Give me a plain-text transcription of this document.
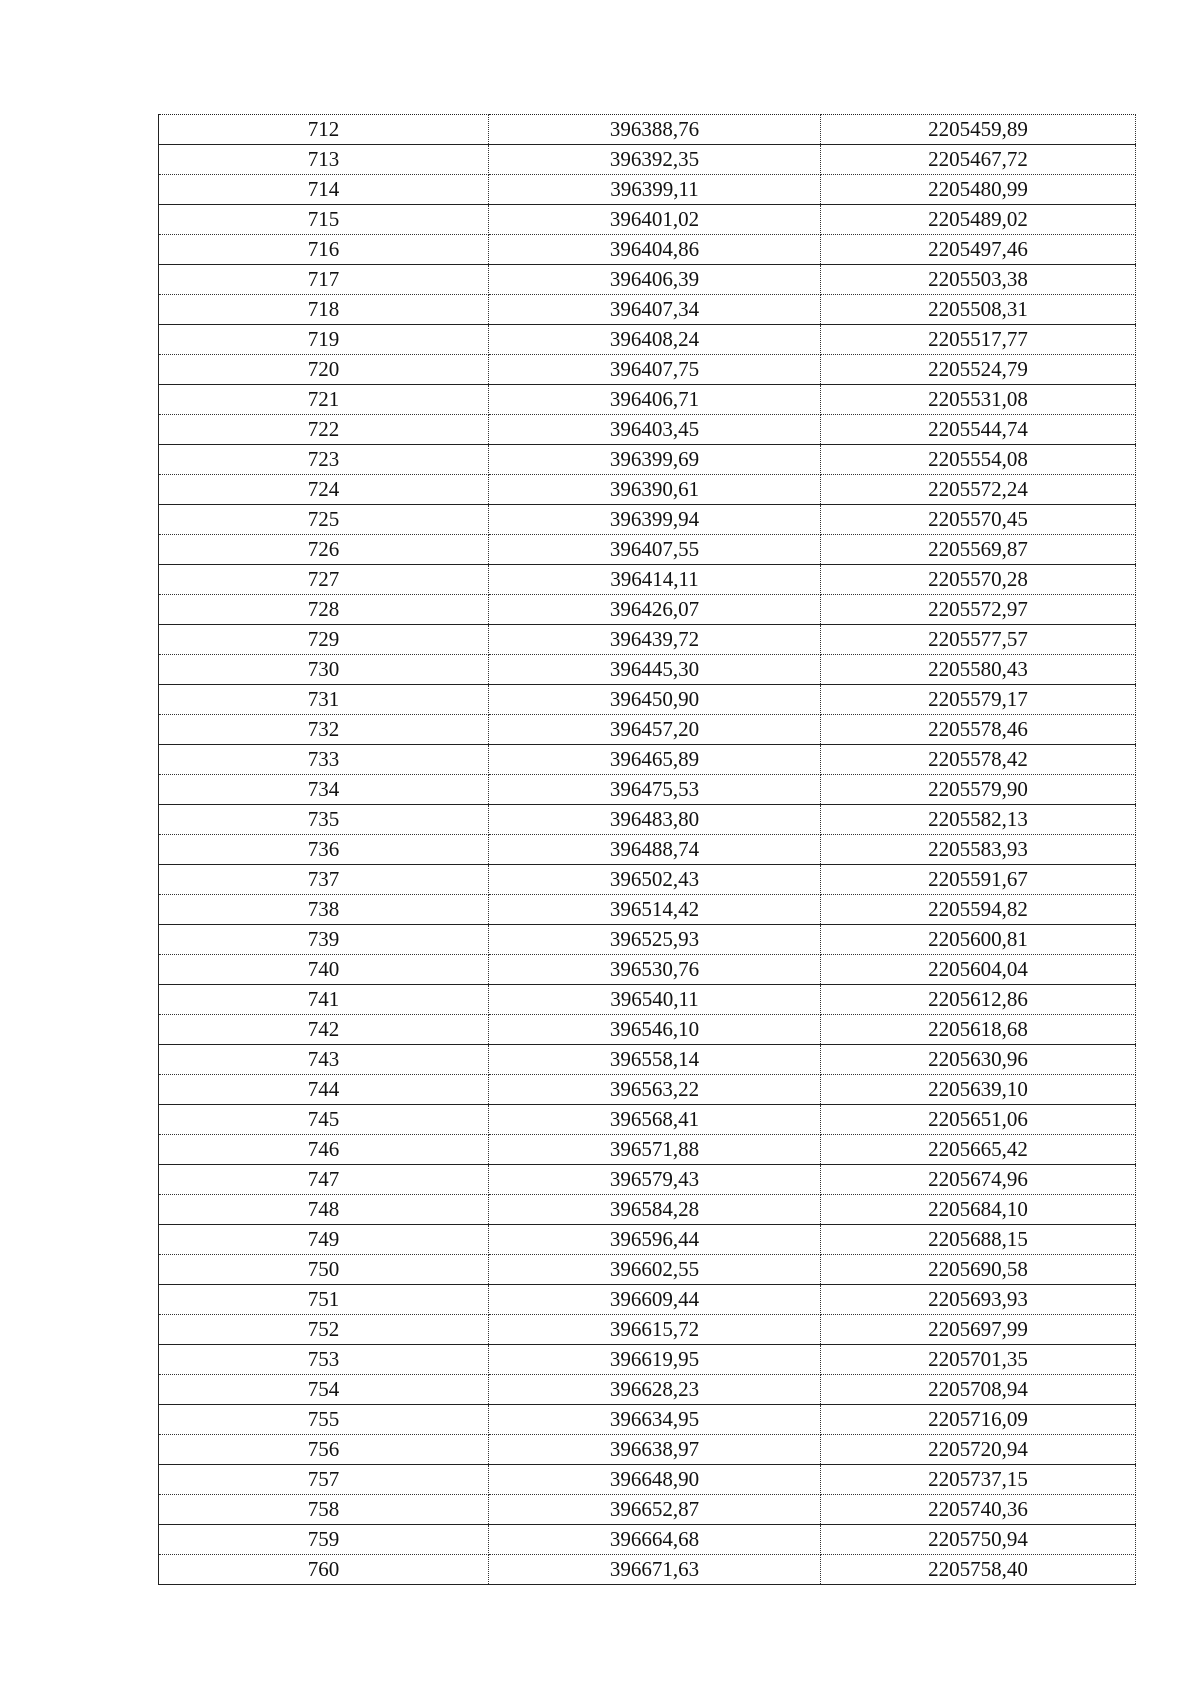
712	396388,76	2205459,89
713	396392,35	2205467,72
714	396399,11	2205480,99
715	396401,02	2205489,02
716	396404,86	2205497,46
717	396406,39	2205503,38
718	396407,34	2205508,31
719	396408,24	2205517,77
720	396407,75	2205524,79
721	396406,71	2205531,08
722	396403,45	2205544,74
723	396399,69	2205554,08
724	396390,61	2205572,24
725	396399,94	2205570,45
726	396407,55	2205569,87
727	396414,11	2205570,28
728	396426,07	2205572,97
729	396439,72	2205577,57
730	396445,30	2205580,43
731	396450,90	2205579,17
732	396457,20	2205578,46
733	396465,89	2205578,42
734	396475,53	2205579,90
735	396483,80	2205582,13
736	396488,74	2205583,93
737	396502,43	2205591,67
738	396514,42	2205594,82
739	396525,93	2205600,81
740	396530,76	2205604,04
741	396540,11	2205612,86
742	396546,10	2205618,68
743	396558,14	2205630,96
744	396563,22	2205639,10
745	396568,41	2205651,06
746	396571,88	2205665,42
747	396579,43	2205674,96
748	396584,28	2205684,10
749	396596,44	2205688,15
750	396602,55	2205690,58
751	396609,44	2205693,93
752	396615,72	2205697,99
753	396619,95	2205701,35
754	396628,23	2205708,94
755	396634,95	2205716,09
756	396638,97	2205720,94
757	396648,90	2205737,15
758	396652,87	2205740,36
759	396664,68	2205750,94
760	396671,63	2205758,40
